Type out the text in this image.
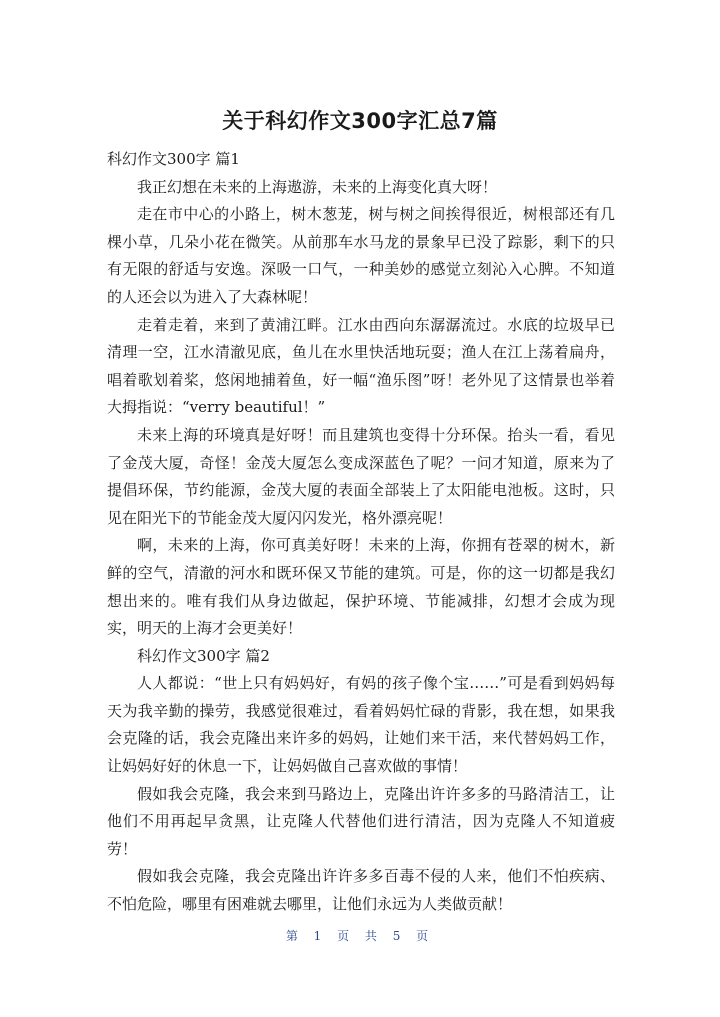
关于科幻作文300字汇总7篇

科幻作文300字 篇1

我正幻想在未来的上海遨游，未来的上海变化真大呀！

走在市中心的小路上，树木葱茏，树与树之间挨得很近，树根部还有几棵小草，几朵小花在微笑。从前那车水马龙的景象早已没了踪影，剩下的只有无限的舒适与安逸。深吸一口气，一种美妙的感觉立刻沁入心脾。不知道的人还会以为进入了大森林呢！

走着走着，来到了黄浦江畔。江水由西向东潺潺流过。水底的垃圾早已清理一空，江水清澈见底，鱼儿在水里快活地玩耍；渔人在江上荡着扁舟，唱着歌划着桨，悠闲地捕着鱼，好一幅“渔乐图”呀！老外见了这情景也举着大拇指说：“verry beautiful！”

未来上海的环境真是好呀！而且建筑也变得十分环保。抬头一看，看见了金茂大厦，奇怪！金茂大厦怎么变成深蓝色了呢？一问才知道，原来为了提倡环保，节约能源，金茂大厦的表面全部装上了太阳能电池板。这时，只见在阳光下的节能金茂大厦闪闪发光，格外漂亮呢！

啊，未来的上海，你可真美好呀！未来的上海，你拥有苍翠的树木，新鲜的空气，清澈的河水和既环保又节能的建筑。可是，你的这一切都是我幻想出来的。唯有我们从身边做起，保护环境、节能减排，幻想才会成为现实，明天的上海才会更美好！

科幻作文300字 篇2

人人都说：“世上只有妈妈好，有妈的孩子像个宝……”可是看到妈妈每天为我辛勤的操劳，我感觉很难过，看着妈妈忙碌的背影，我在想，如果我会克隆的话，我会克隆出来许多的妈妈，让她们来干活，来代替妈妈工作，让妈妈好好的休息一下，让妈妈做自己喜欢做的事情！

假如我会克隆，我会来到马路边上，克隆出许许多多的马路清洁工，让他们不用再起早贪黑，让克隆人代替他们进行清洁，因为克隆人不知道疲劳！

假如我会克隆，我会克隆出许许多多百毒不侵的人来，他们不怕疾病、不怕危险，哪里有困难就去哪里，让他们永远为人类做贡献！

第 1 页 共 5 页
